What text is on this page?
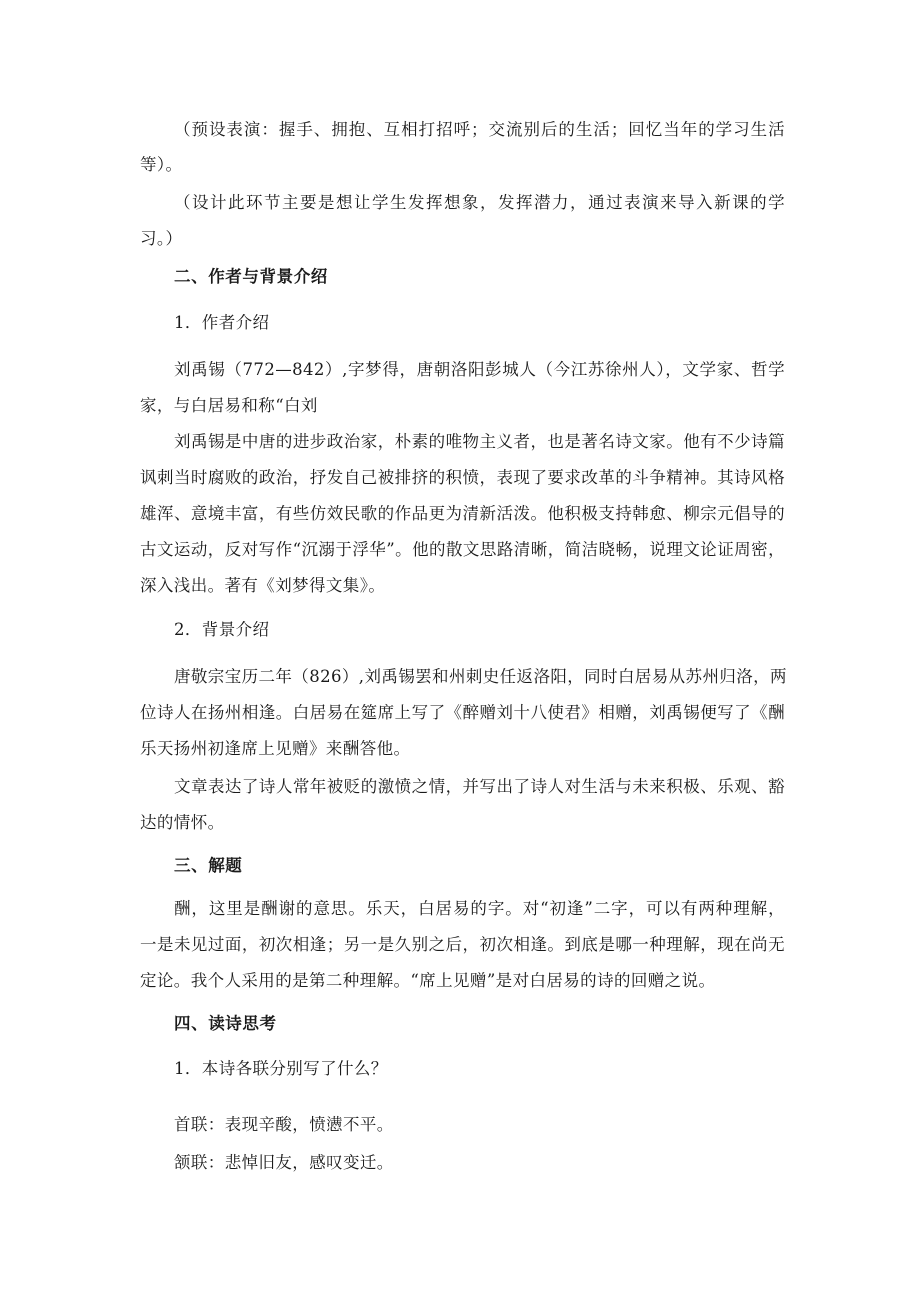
（预设表演：握手、拥抱、互相打招呼；交流别后的生活；回忆当年的学习生活
等）。
（设计此环节主要是想让学生发挥想象，发挥潜力，通过表演来导入新课的学
习。）
二、作者与背景介绍
1．作者介绍
刘禹锡（772—842）,字梦得，唐朝洛阳彭城人（今江苏徐州人），文学家、哲学
家，与白居易和称“白刘
刘禹锡是中唐的进步政治家，朴素的唯物主义者，也是著名诗文家。他有不少诗篇
讽刺当时腐败的政治，抒发自己被排挤的积愤，表现了要求改革的斗争精神。其诗风格
雄浑、意境丰富，有些仿效民歌的作品更为清新活泼。他积极支持韩愈、柳宗元倡导的
古文运动，反对写作“沉溺于浮华”。他的散文思路清晰，简洁晓畅，说理文论证周密，
深入浅出。著有《刘梦得文集》。
2．背景介绍
唐敬宗宝历二年（826）,刘禹锡罢和州刺史任返洛阳，同时白居易从苏州归洛，两
位诗人在扬州相逢。白居易在筵席上写了《醉赠刘十八使君》相赠，刘禹锡便写了《酬
乐天扬州初逢席上见赠》来酬答他。
文章表达了诗人常年被贬的激愤之情，并写出了诗人对生活与未来积极、乐观、豁
达的情怀。
三、解题
酬，这里是酬谢的意思。乐天，白居易的字。对“初逢”二字，可以有两种理解，
一是未见过面，初次相逢；另一是久别之后，初次相逢。到底是哪一种理解，现在尚无
定论。我个人采用的是第二种理解。“席上见赠”是对白居易的诗的回赠之说。
四、读诗思考
1．本诗各联分别写了什么？
首联：表现辛酸，愤懑不平。
颔联：悲悼旧友，感叹变迁。
